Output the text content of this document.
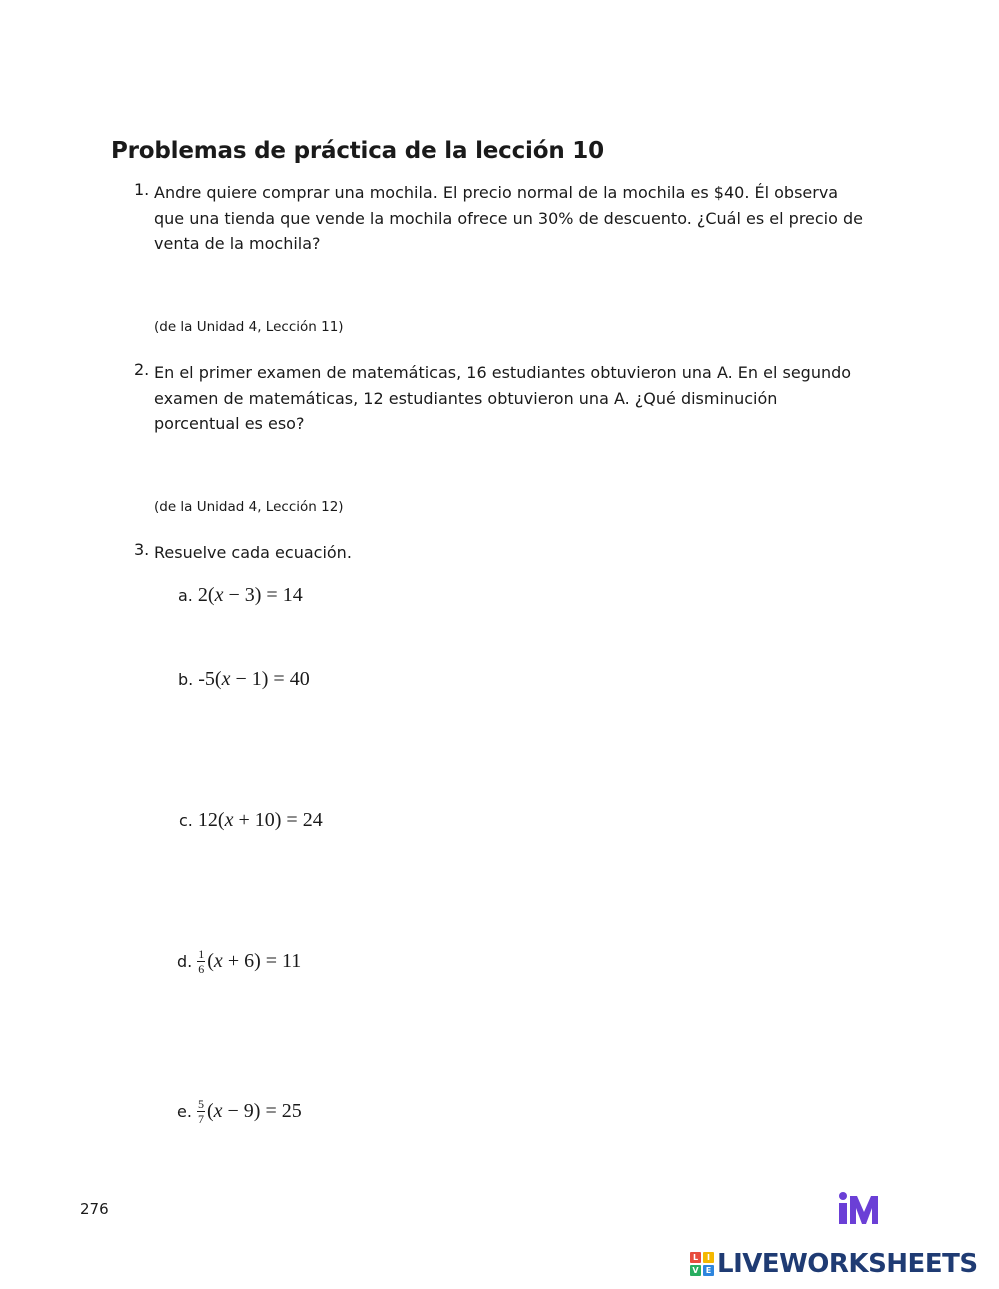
Problemas de práctica de la lección 10
1. Andre quiere comprar una mochila. El precio normal de la mochila es $40. Él observa que una tienda que vende la mochila ofrece un 30% de descuento. ¿Cuál es el precio de venta de la mochila?
(de la Unidad 4, Lección 11)
2. En el primer examen de matemáticas, 16 estudiantes obtuvieron una A. En el segundo examen de matemáticas, 12 estudiantes obtuvieron una A. ¿Qué disminución porcentual es eso?
(de la Unidad 4, Lección 12)
3. Resuelve cada ecuación.
a. 2(x − 3) = 14
b. -5(x − 1) = 40
c. 12(x + 10) = 24
d. $\frac{1}{6} (x + 6) = 11$
e. $\frac{5}{7} (x - 9) = 25$
276
L	I
V E LIVEWORKSHEETS
